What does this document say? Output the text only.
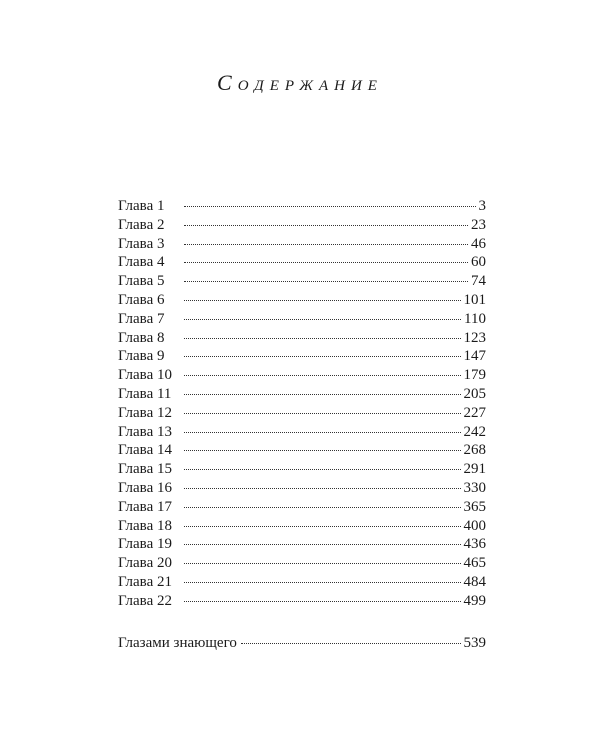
Содержание
Глава 1	3
Глава 2	23
Глава 3	46
Глава 4	60
Глава 5	74
Глава 6	101
Глава 7	110
Глава 8	123
Глава 9	147
Глава 10	179
Глава 11	205
Глава 12	227
Глава 13	242
Глава 14	268
Глава 15	291
Глава 16	330
Глава 17	365
Глава 18	400
Глава 19	436
Глава 20	465
Глава 21	484
Глава 22	499
Глазами знающего	539
